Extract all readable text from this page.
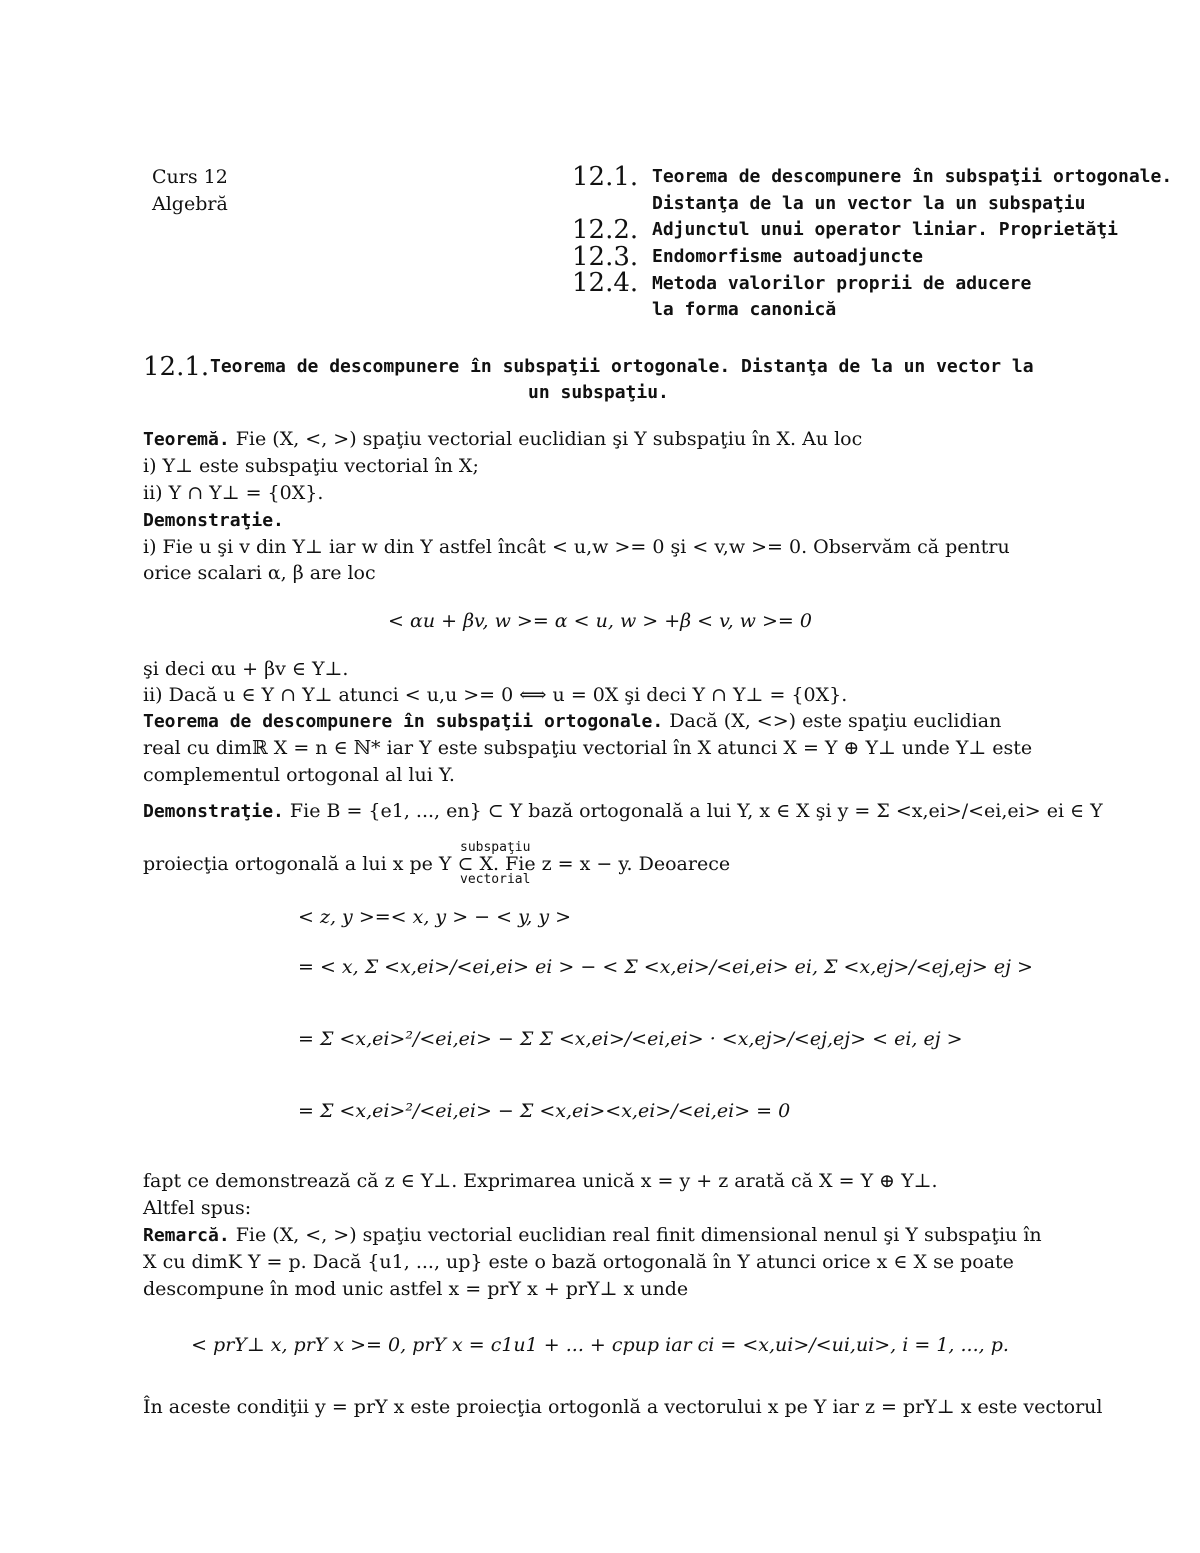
Curs 12
Algebră
12.1. Teorema de descompunere în subspaţii ortogonale.
Distanţa de la un vector la un subspaţiu
12.2. Adjunctul unui operator liniar. Proprietăţi
12.3. Endomorfisme autoadjuncte
12.4. Metoda valorilor proprii de aducere
la forma canonică
12.1. Teorema de descompunere în subspaţii ortogonale. Distanţa de la un vector la
un subspaţiu.
Teoremă. Fie (X, <, >) spaţiu vectorial euclidian şi Y subspaţiu în X. Au loc
i) Y⊥ este subspaţiu vectorial în X;
ii) Y ∩ Y⊥ = {0X}.
Demonstraţie.
i) Fie u şi v din Y⊥ iar w din Y astfel încât < u,w >= 0 şi < v,w >= 0. Observăm că pentru
orice scalari α, β are loc
< αu + βv, w >= α < u, w > +β < v, w >= 0
şi deci αu + βv ∈ Y⊥.
ii) Dacă u ∈ Y ∩ Y⊥ atunci < u,u >= 0 ⟺ u = 0X şi deci Y ∩ Y⊥ = {0X}.
Teorema de descompunere în subspaţii ortogonale. Dacă (X, <>) este spaţiu euclidian
real cu dimℝ X = n ∈ ℕ* iar Y este subspaţiu vectorial în X atunci X = Y ⊕ Y⊥ unde Y⊥ este
complementul ortogonal al lui Y.
Demonstraţie. Fie B = {e1, ..., en} ⊂ Y bază ortogonală a lui Y, x ∈ X şi y = Σ <x,ei>/<ei,ei> ei ∈ Y
subspaţiu
proiecţia ortogonală a lui x pe Y ⊂ X. Fie z = x − y. Deoarece
vectorial
< z, y >=< x, y > − < y, y >
= < x, Σ <x,ei>/<ei,ei> ei > − < Σ <x,ei>/<ei,ei> ei, Σ <x,ej>/<ej,ej> ej >
= Σ <x,ei>²/<ei,ei> − Σ Σ <x,ei>/<ei,ei> · <x,ej>/<ej,ej> < ei, ej >
= Σ <x,ei>²/<ei,ei> − Σ <x,ei><x,ei>/<ei,ei> = 0
fapt ce demonstrează că z ∈ Y⊥. Exprimarea unică x = y + z arată că X = Y ⊕ Y⊥.
Altfel spus:
Remarcă. Fie (X, <, >) spaţiu vectorial euclidian real finit dimensional nenul şi Y subspaţiu în
X cu dimK Y = p. Dacă {u1, ..., up} este o bază ortogonală în Y atunci orice x ∈ X se poate
descompune în mod unic astfel x = prY x + prY⊥ x unde
< prY⊥ x, prY x >= 0, prY x = c1u1 + ... + cpup iar ci = <x,ui>/<ui,ui>, i = 1, ..., p.
În aceste condiţii y = prY x este proiecţia ortogonlă a vectorului x pe Y iar z = prY⊥ x este vectorul
